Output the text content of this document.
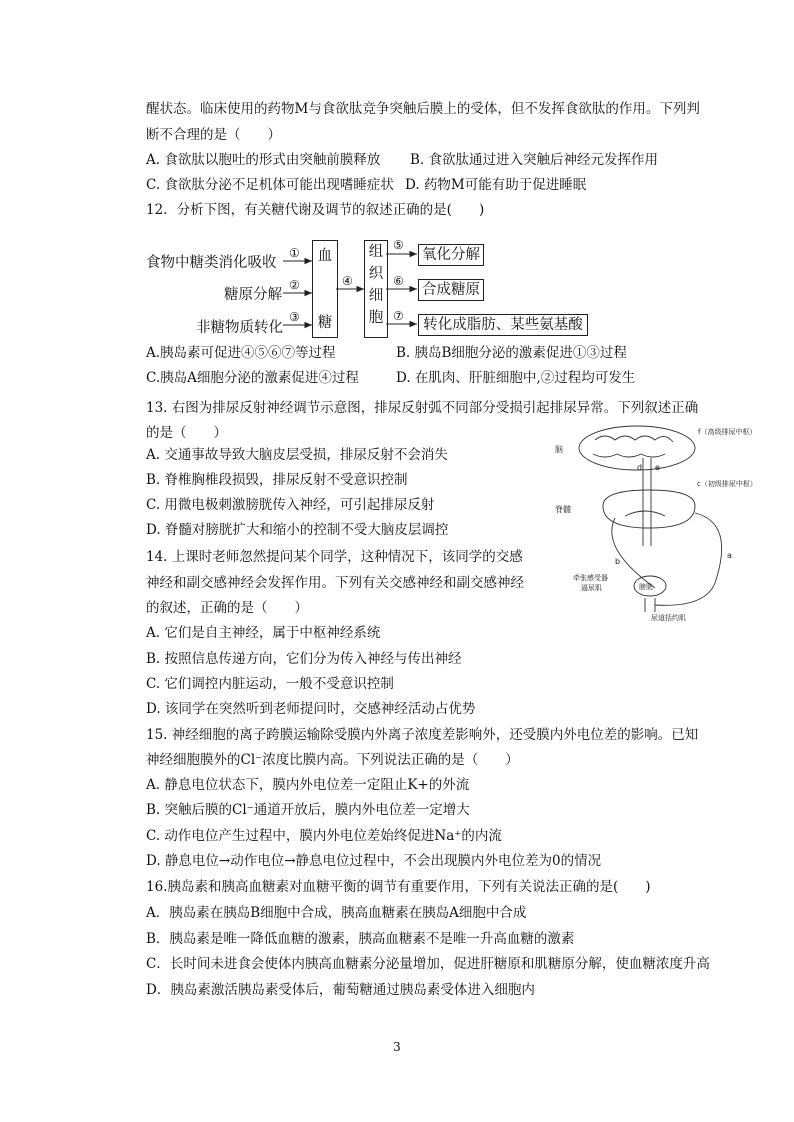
醒状态。临床使用的药物M与食欲肽竞争突触后膜上的受体，但不发挥食欲肽的作用。下列判
断不合理的是（　　）
A. 食欲肽以胞吐的形式由突触前膜释放 B. 食欲肽通过进入突触后神经元发挥作用
C. 食欲肽分泌不足机体可能出现嗜睡症状 D. 药物M可能有助于促进睡眠
12．分析下图，有关糖代谢及调节的叙述正确的是(　　)
食物中糖类消化吸收
糖原分解
非糖物质转化
①
②
③
④
⑤
⑥
⑦
血
糖
组
织
细
胞
氧化分解
合成糖原
转化成脂肪、某些氨基酸
A.胰岛素可促进④⑤⑥⑦等过程	B. 胰岛B细胞分泌的激素促进①③过程
C.胰岛A细胞分泌的激素促进④过程	D. 在肌肉、肝脏细胞中,②过程均可发生
13. 右图为排尿反射神经调节示意图，排尿反射弧不同部分受损引起排尿异常。下列叙述正确
的是（　　）
A. 交通事故导致大脑皮层受损，排尿反射不会消失
B. 脊椎胸椎段损毁，排尿反射不受意识控制
C. 用微电极刺激膀胱传入神经，可引起排尿反射
D. 脊髓对膀胱扩大和缩小的控制不受大脑皮层调控
脑
f（高级排尿中枢）
d e
脊髓
c（初级排尿中枢）
a
b
牵张感受器
逼尿肌	膀胱
尿道括约肌
14. 上课时老师忽然提问某个同学，这种情况下，该同学的交感
神经和副交感神经会发挥作用。下列有关交感神经和副交感神经
的叙述，正确的是（　　）
A. 它们是自主神经，属于中枢神经系统
B. 按照信息传递方向，它们分为传入神经与传出神经
C. 它们调控内脏运动，一般不受意识控制
D. 该同学在突然听到老师提问时，交感神经活动占优势
15. 神经细胞的离子跨膜运输除受膜内外离子浓度差影响外，还受膜内外电位差的影响。已知
神经细胞膜外的Cl⁻浓度比膜内高。下列说法正确的是（　　）
A. 静息电位状态下，膜内外电位差一定阻止K+的外流
B. 突触后膜的Cl⁻通道开放后，膜内外电位差一定增大
C. 动作电位产生过程中，膜内外电位差始终促进Na⁺的内流
D. 静息电位→动作电位→静息电位过程中，不会出现膜内外电位差为0的情况
16.胰岛素和胰高血糖素对血糖平衡的调节有重要作用，下列有关说法正确的是(　　)
A．胰岛素在胰岛B细胞中合成，胰高血糖素在胰岛A细胞中合成
B．胰岛素是唯一降低血糖的激素，胰高血糖素不是唯一升高血糖的激素
C．长时间未进食会使体内胰高血糖素分泌量增加，促进肝糖原和肌糖原分解，使血糖浓度升高
D．胰岛素激活胰岛素受体后，葡萄糖通过胰岛素受体进入细胞内
3
